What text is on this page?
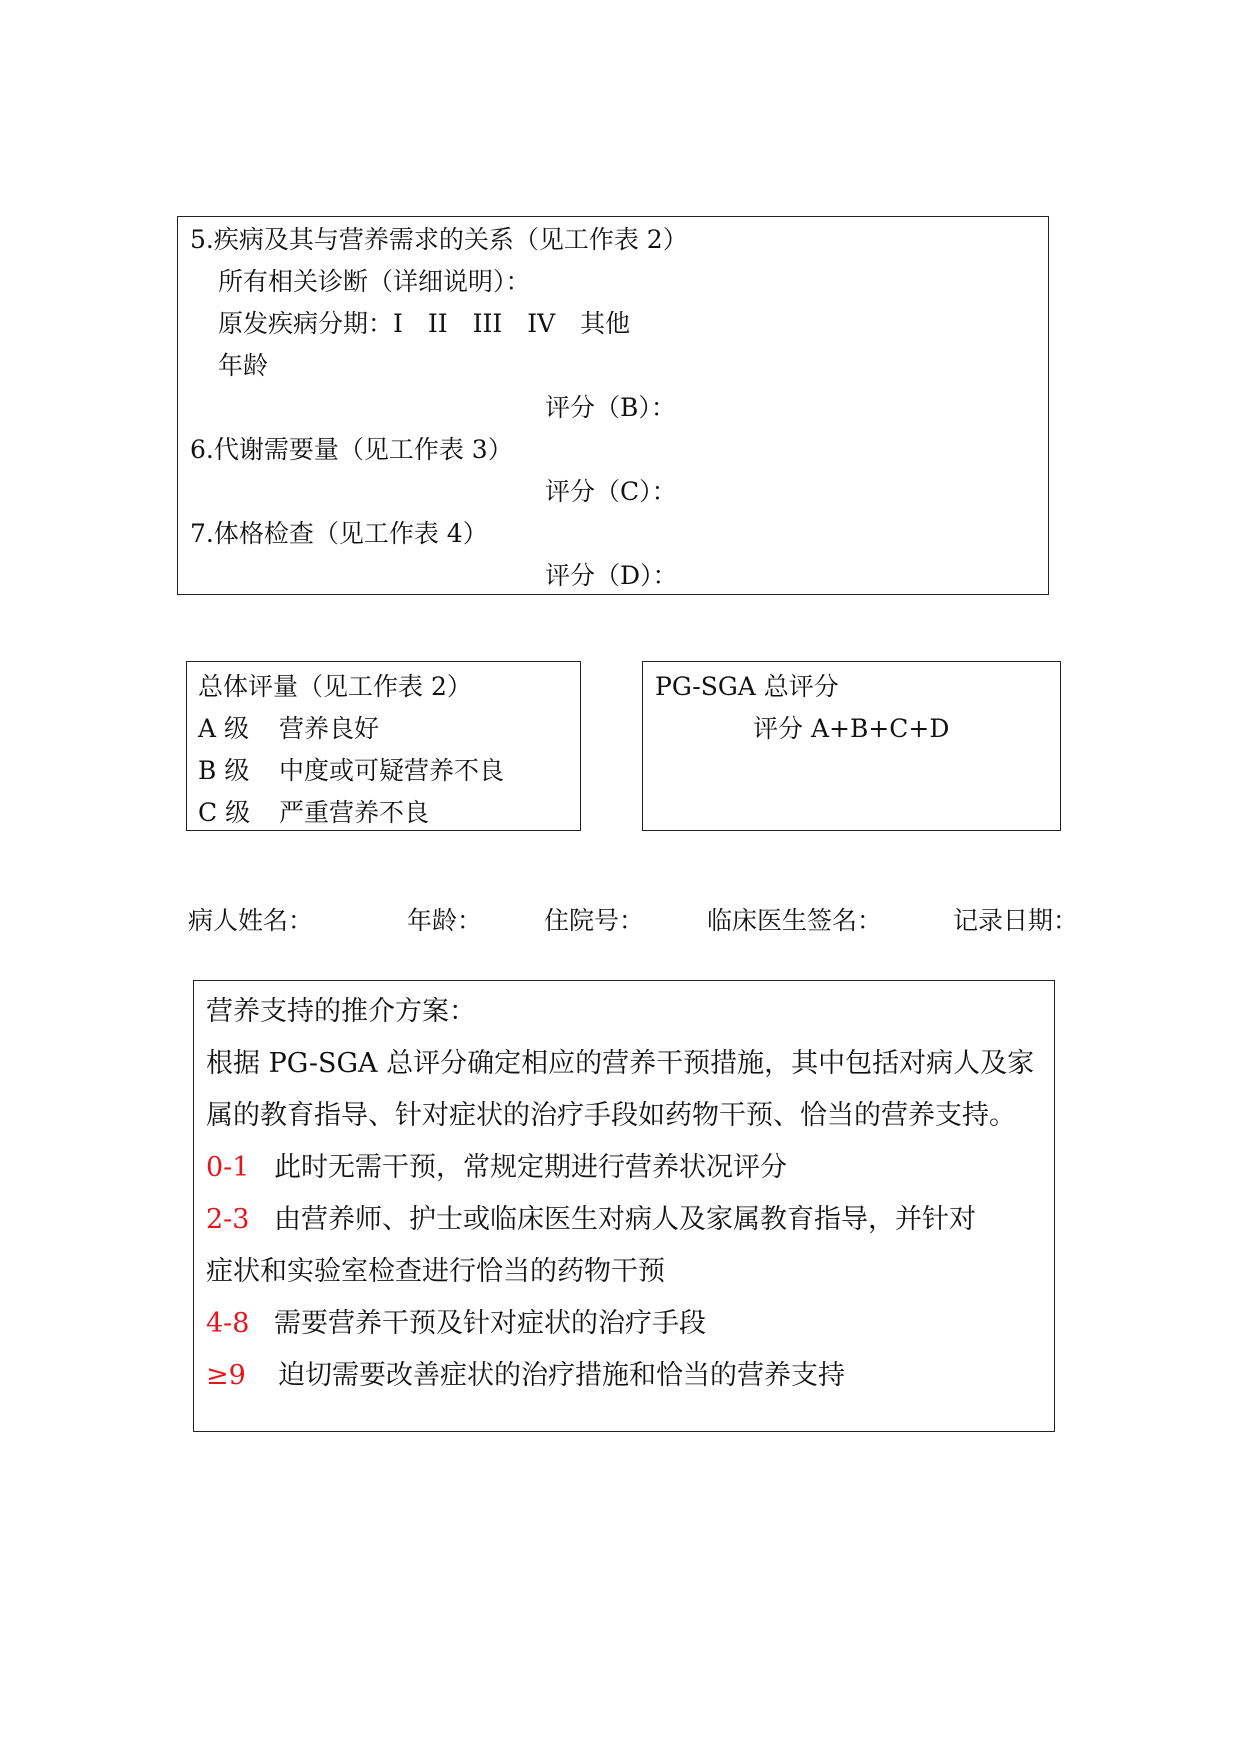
5.疾病及其与营养需求的关系（见工作表 2）
所有相关诊断（详细说明）：
原发疾病分期：I　II　III　IV　其他
年龄
评分（B）：
6.代谢需要量（见工作表 3）
评分（C）：
7.体格检查（见工作表 4）
评分（D）：
总体评量（见工作表 2）
A 级 营养良好
B 级 中度或可疑营养不良
C 级 严重营养不良
PG-SGA 总评分
评分 A+B+C+D
病人姓名：	年龄： 住院号：	临床医生签名：	记录日期：
营养支持的推介方案：
根据 PG-SGA 总评分确定相应的营养干预措施，其中包括对病人及家
属的教育指导、针对症状的治疗手段如药物干预、恰当的营养支持。
0-1 此时无需干预，常规定期进行营养状况评分
2-3 由营养师、护士或临床医生对病人及家属教育指导，并针对
症状和实验室检查进行恰当的药物干预
4-8 需要营养干预及针对症状的治疗手段
≥9 迫切需要改善症状的治疗措施和恰当的营养支持
